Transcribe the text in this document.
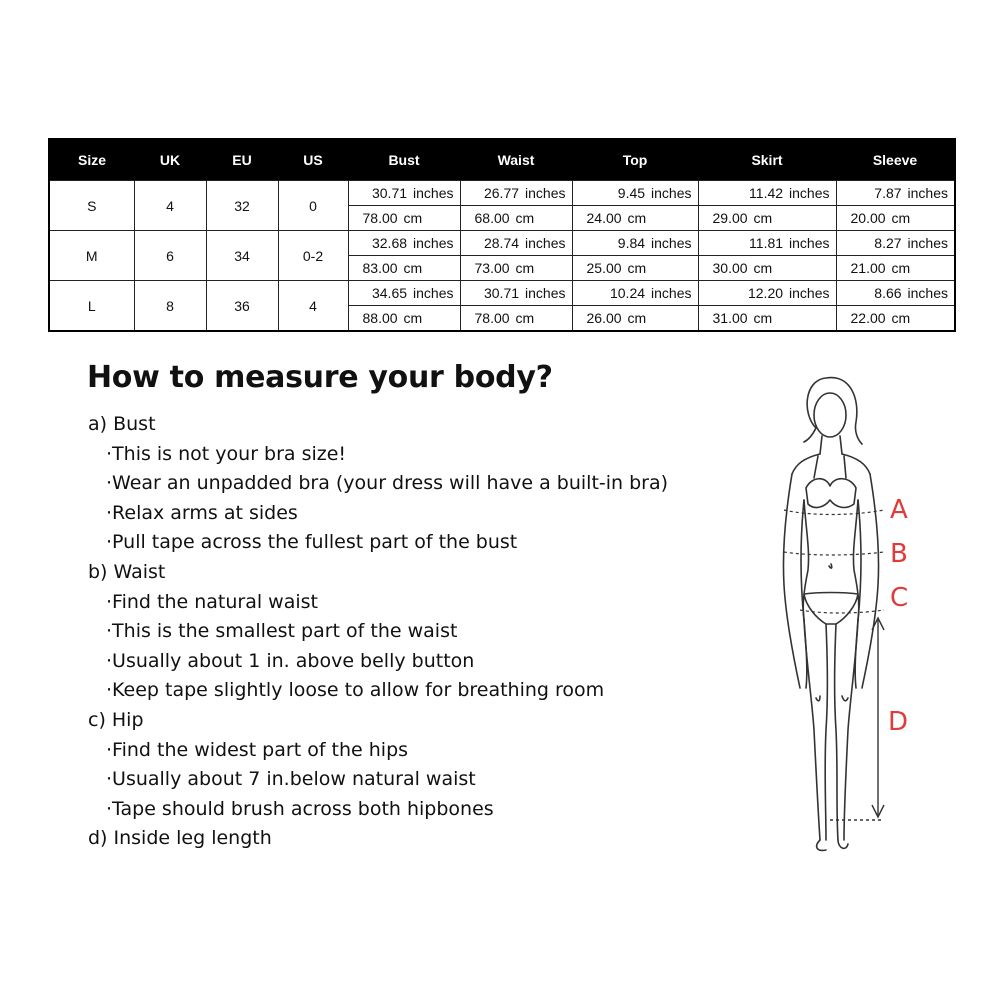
Size	UK	EU	US	Bust	Waist	Top	Skirt	Sleeve
S	4	32	0	30.71 inches	26.77 inches	9.45 inches	11.42 inches	7.87 inches
				78.00 cm	68.00 cm	24.00 cm	29.00 cm	20.00 cm
M	6	34	0-2	32.68 inches	28.74 inches	9.84 inches	11.81 inches	8.27 inches
				83.00 cm	73.00 cm	25.00 cm	30.00 cm	21.00 cm
L	8	36	4	34.65 inches	30.71 inches	10.24 inches	12.20 inches	8.66 inches
				88.00 cm	78.00 cm	26.00 cm	31.00 cm	22.00 cm
How to measure your body?
a) Bust
·This is not your bra size!
·Wear an unpadded bra (your dress will have a built-in bra)
·Relax arms at sides
·Pull tape across the fullest part of the bust
b) Waist
·Find the natural waist
·This is the smallest part of the waist
·Usually about 1 in. above belly button
·Keep tape slightly loose to allow for breathing room
c) Hip
·Find the widest part of the hips
·Usually about 7 in.below natural waist
·Tape should brush across both hipbones
d) Inside leg length
A
B
C
D
